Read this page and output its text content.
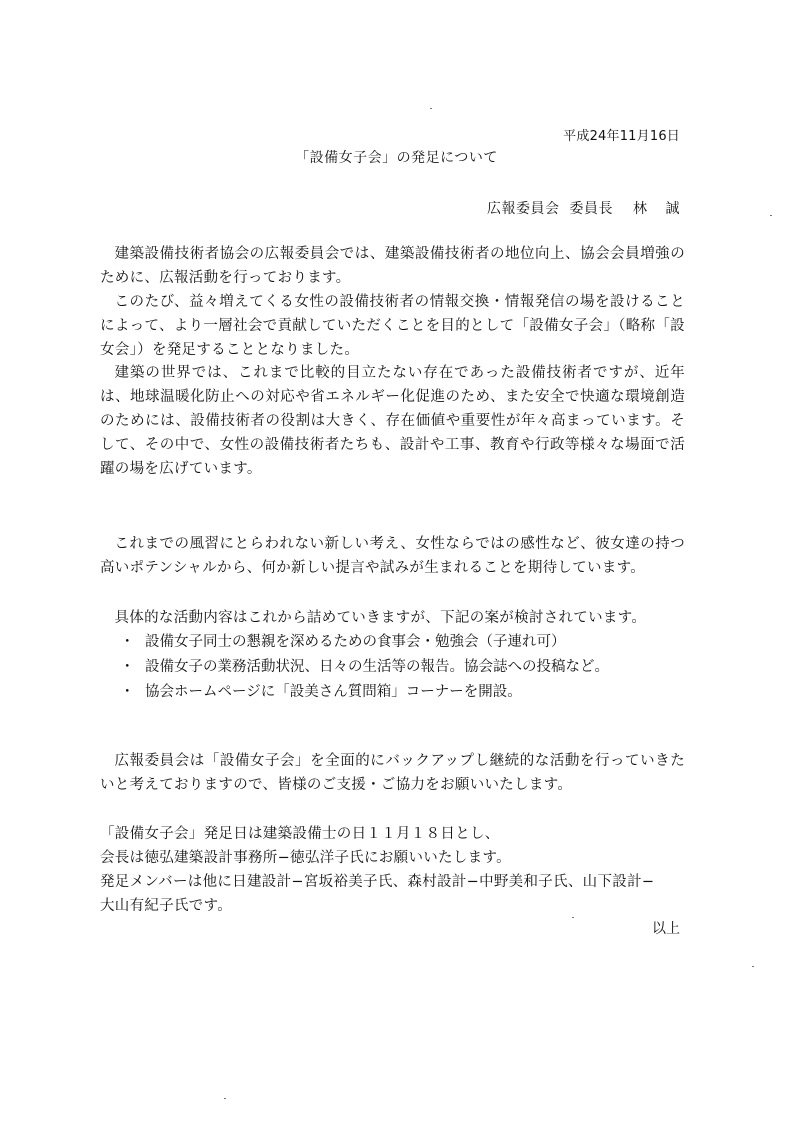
平成24年11月16日
「設備女子会」の発足について
広報委員会 委員長 林 誠

建築設備技術者協会の広報委員会では、建築設備技術者の地位向上、協会会員増強のために、広報活動を行っております。

このたび、益々増えてくる女性の設備技術者の情報交換・情報発信の場を設けることによって、より一層社会で貢献していただくことを目的として「設備女子会」（略称「設女会」）を発足することとなりました。

建築の世界では、これまで比較的目立たない存在であった設備技術者ですが、近年は、地球温暖化防止への対応や省エネルギー化促進のため、また安全で快適な環境創造のためには、設備技術者の役割は大きく、存在価値や重要性が年々高まっています。そして、その中で、女性の設備技術者たちも、設計や工事、教育や行政等様々な場面で活躍の場を広げています。

これまでの風習にとらわれない新しい考え、女性ならではの感性など、彼女達の持つ高いポテンシャルから、何か新しい提言や試みが生まれることを期待しています。

具体的な活動内容はこれから詰めていきますが、下記の案が検討されています。

・ 設備女子同士の懇親を深めるための食事会・勉強会（子連れ可）
・ 設備女子の業務活動状況、日々の生活等の報告。協会誌への投稿など。
・ 協会ホームページに「設美さん質問箱」コーナーを開設。

広報委員会は「設備女子会」を全面的にバックアップし継続的な活動を行っていきたいと考えておりますので、皆様のご支援・ご協力をお願いいたします。

「設備女子会」発足日は建築設備士の日１１月１８日とし、

会長は徳弘建築設計事務所−徳弘洋子氏にお願いいたします。

発足メンバーは他に日建設計−宮坂裕美子氏、森村設計−中野美和子氏、山下設計−

大山有紀子氏です。

以上
